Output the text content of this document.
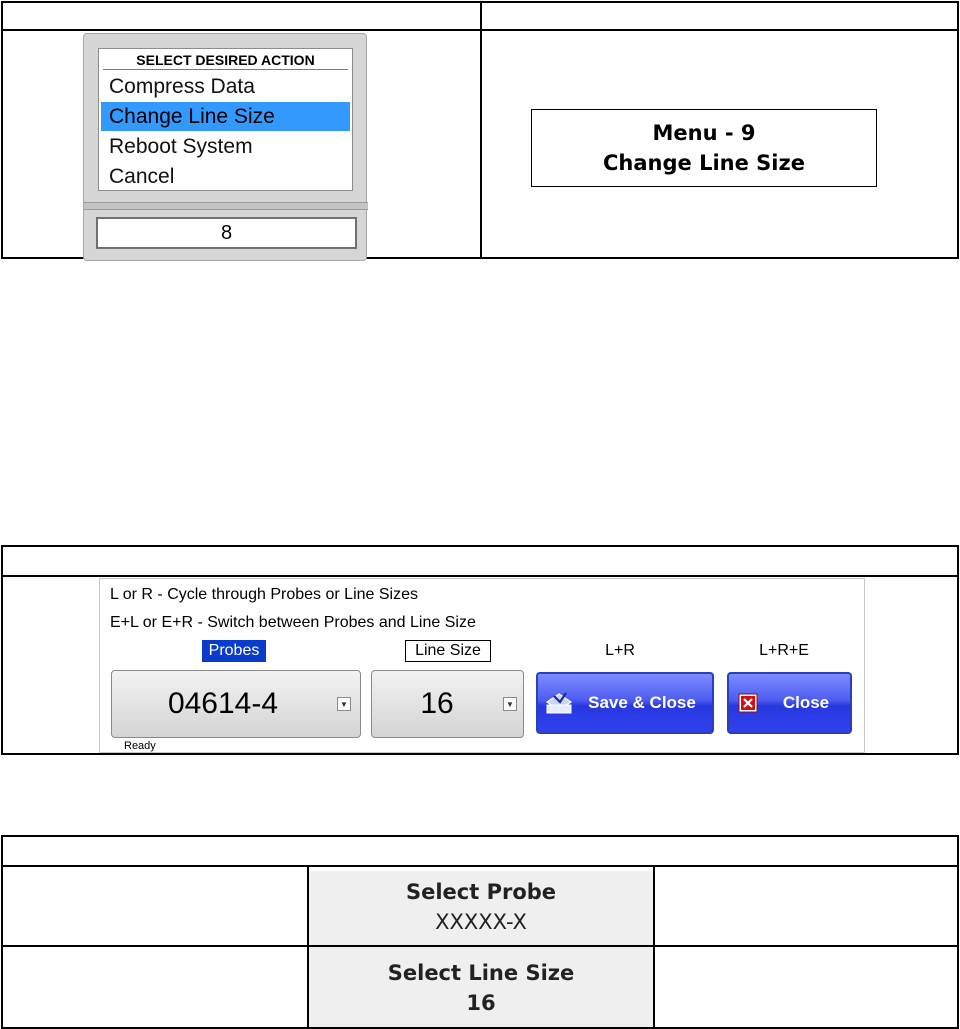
SELECT DESIRED ACTION
Compress Data
Change Line Size
Reboot System
Cancel
8
Menu - 9
Change Line Size
L or R - Cycle through Probes or Line Sizes
E+L or E+R - Switch between Probes and Line Size
Probes	Line Size	L+R	L+R+E
04614-4	▼	16	▼	Save & Close	Close
Ready
Select Probe
XXXXX-X
Select Line Size
16
